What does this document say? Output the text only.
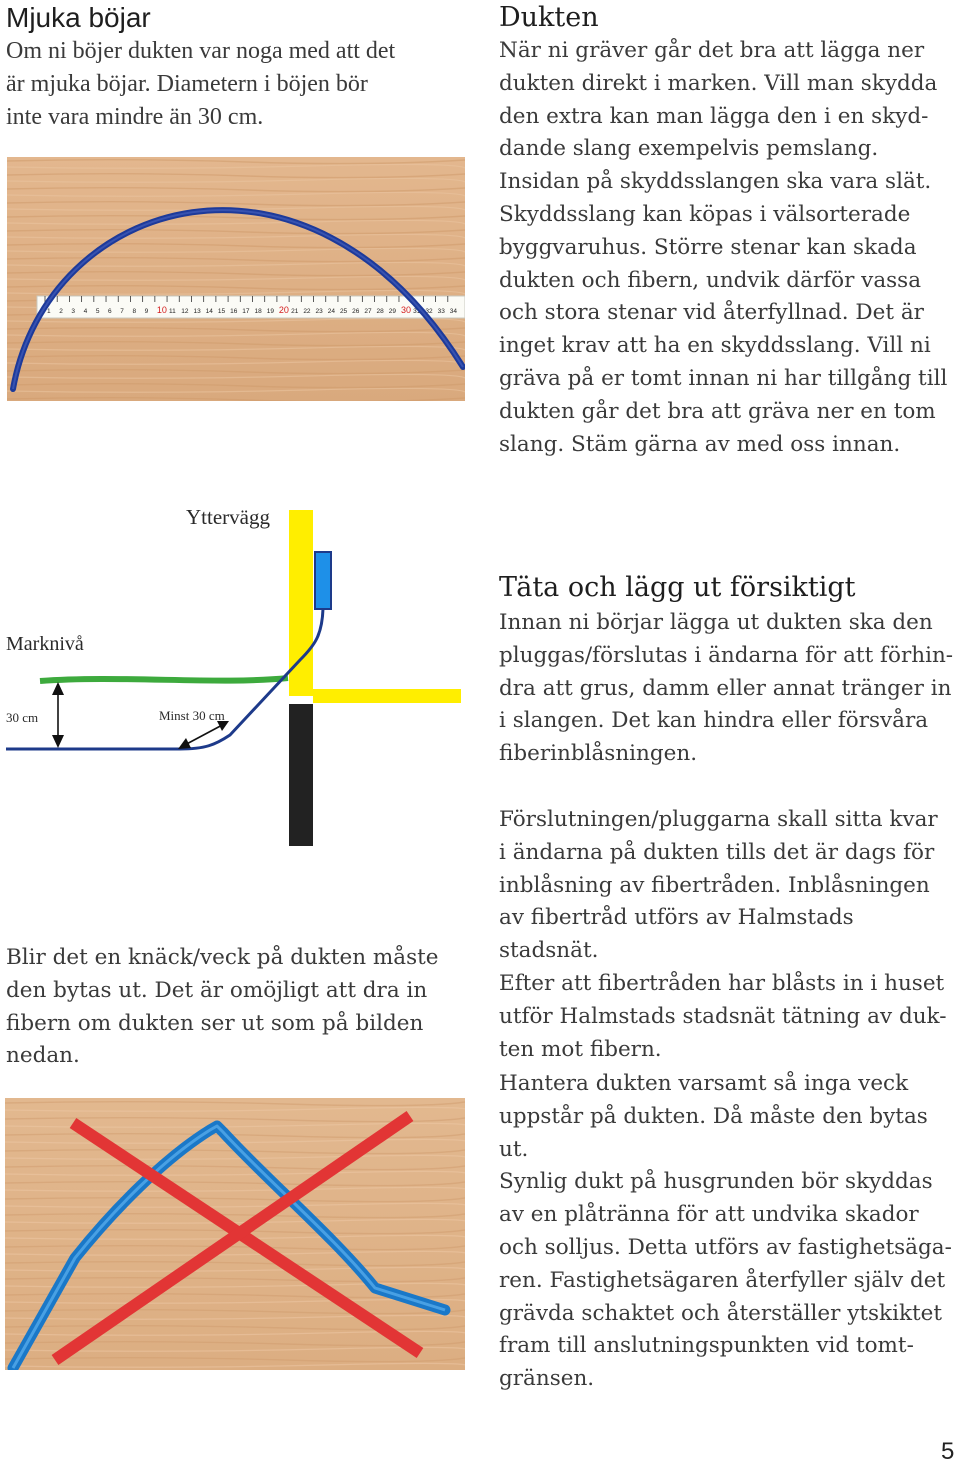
Mjuka böjar
Om ni böjer dukten var noga med att det
är mjuka böjar. Diametern i böjen bör
inte vara mindre än 30 cm.
1 2 3 4 5 6 7 8 9 10 11 12 13 14 15 16 17 18 19 20 21 22 23 24 25 26 27 28 29 30 31 32 33 34
Dukten
När ni gräver går det bra att lägga ner
dukten direkt i marken. Vill man skydda
den extra kan man lägga den i en skyd-
dande slang exempelvis pemslang.
Insidan på skyddsslangen ska vara slät.
Skyddsslang kan köpas i välsorterade
byggvaruhus. Större stenar kan skada
dukten och fibern, undvik därför vassa
och stora stenar vid återfyllnad. Det är
inget krav att ha en skyddsslang. Vill ni
gräva på er tomt innan ni har tillgång till
dukten går det bra att gräva ner en tom
slang. Stäm gärna av med oss innan.
Yttervägg
Marknivå
30 cm	Minst 30 cm
Täta och lägg ut försiktigt
Innan ni börjar lägga ut dukten ska den
pluggas/förslutas i ändarna för att förhin-
dra att grus, damm eller annat tränger in
i slangen. Det kan hindra eller försvåra
fiberinblåsningen.
Förslutningen/pluggarna skall sitta kvar
i ändarna på dukten tills det är dags för
inblåsning av fibertråden. Inblåsningen
av fibertråd utförs av Halmstads stadsnät.
Efter att fibertråden har blåsts in i huset
utför Halmstads stadsnät tätning av duk-
ten mot fibern.
Hantera dukten varsamt så inga veck
uppstår på dukten. Då måste den bytas ut.
Synlig dukt på husgrunden bör skyddas
av en plåtränna för att undvika skador
och solljus. Detta utförs av fastighetsäga-
ren. Fastighetsägaren återfyller själv det
grävda schaktet och återställer ytskiktet
fram till anslutningspunkten vid tomt-
gränsen.
Blir det en knäck/veck på dukten måste
den bytas ut. Det är omöjligt att dra in
fibern om dukten ser ut som på bilden
nedan.
5
